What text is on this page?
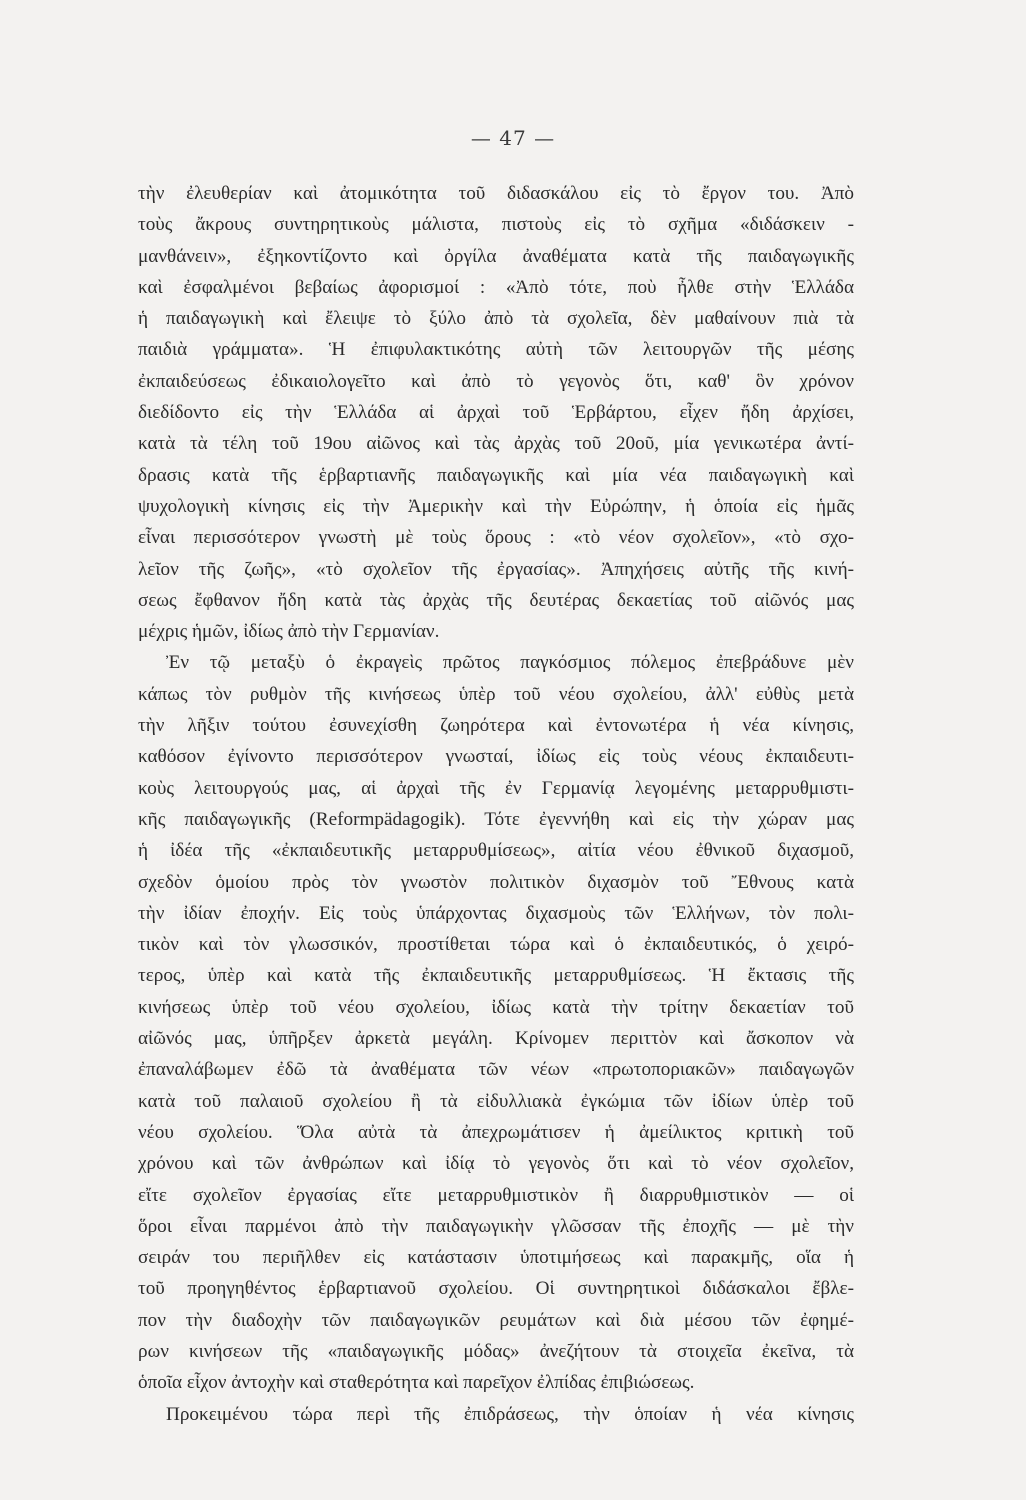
— 47 —
τὴν ἐλευθερίαν καὶ ἀτομικότητα τοῦ διδασκάλου εἰς τὸ ἔργον του. Ἀπὸ
τοὺς ἄκρους συντηρητικοὺς μάλιστα, πιστοὺς εἰς τὸ σχῆμα «διδάσκειν -
μανθάνειν», ἐξηκοντίζοντο καὶ ὀργίλα ἀναθέματα κατὰ τῆς παιδαγωγικῆς
καὶ ἐσφαλμένοι βεβαίως ἀφορισμοί : «Ἀπὸ τότε, ποὺ ἦλθε στὴν Ἑλλάδα
ἡ παιδαγωγικὴ καὶ ἔλειψε τὸ ξύλο ἀπὸ τὰ σχολεῖα, δὲν μαθαίνουν πιὰ τὰ
παιδιὰ γράμματα». Ἡ ἐπιφυλακτικότης αὐτὴ τῶν λειτουργῶν τῆς μέσης
ἐκπαιδεύσεως ἐδικαιολογεῖτο καὶ ἀπὸ τὸ γεγονὸς ὅτι, καθ' ὃν χρόνον
διεδίδοντο εἰς τὴν Ἑλλάδα αἱ ἀρχαὶ τοῦ Ἑρβάρτου, εἶχεν ἤδη ἀρχίσει,
κατὰ τὰ τέλη τοῦ 19ου αἰῶνος καὶ τὰς ἀρχὰς τοῦ 20οῦ, μία γενικωτέρα ἀντί-
δρασις κατὰ τῆς ἑρβαρτιανῆς παιδαγωγικῆς καὶ μία νέα παιδαγωγικὴ καὶ
ψυχολογικὴ κίνησις εἰς τὴν Ἀμερικὴν καὶ τὴν Εὐρώπην, ἡ ὁποία εἰς ἡμᾶς
εἶναι περισσότερον γνωστὴ μὲ τοὺς ὅρους : «τὸ νέον σχολεῖον», «τὸ σχο-
λεῖον τῆς ζωῆς», «τὸ σχολεῖον τῆς ἐργασίας». Ἀπηχήσεις αὐτῆς τῆς κινή-
σεως ἔφθανον ἤδη κατὰ τὰς ἀρχὰς τῆς δευτέρας δεκαετίας τοῦ αἰῶνός μας
μέχρις ἡμῶν, ἰδίως ἀπὸ τὴν Γερμανίαν.
Ἐν τῷ μεταξὺ ὁ ἐκραγεὶς πρῶτος παγκόσμιος πόλεμος ἐπεβράδυνε μὲν
κάπως τὸν ρυθμὸν τῆς κινήσεως ὑπὲρ τοῦ νέου σχολείου, ἀλλ' εὐθὺς μετὰ
τὴν λῆξιν τούτου ἐσυνεχίσθη ζωηρότερα καὶ ἐντονωτέρα ἡ νέα κίνησις,
καθόσον ἐγίνοντο περισσότερον γνωσταί, ἰδίως εἰς τοὺς νέους ἐκπαιδευτι-
κοὺς λειτουργούς μας, αἱ ἀρχαὶ τῆς ἐν Γερμανίᾳ λεγομένης μεταρρυθμιστι-
κῆς παιδαγωγικῆς (Reformpädagogik). Τότε ἐγεννήθη καὶ εἰς τὴν χώραν μας
ἡ ἰδέα τῆς «ἐκπαιδευτικῆς μεταρρυθμίσεως», αἰτία νέου ἐθνικοῦ διχασμοῦ,
σχεδὸν ὁμοίου πρὸς τὸν γνωστὸν πολιτικὸν διχασμὸν τοῦ Ἔθνους κατὰ
τὴν ἰδίαν ἐποχήν. Εἰς τοὺς ὑπάρχοντας διχασμοὺς τῶν Ἑλλήνων, τὸν πολι-
τικὸν καὶ τὸν γλωσσικόν, προστίθεται τώρα καὶ ὁ ἐκπαιδευτικός, ὁ χειρό-
τερος, ὑπὲρ καὶ κατὰ τῆς ἐκπαιδευτικῆς μεταρρυθμίσεως. Ἡ ἔκτασις τῆς
κινήσεως ὑπὲρ τοῦ νέου σχολείου, ἰδίως κατὰ τὴν τρίτην δεκαετίαν τοῦ
αἰῶνός μας, ὑπῆρξεν ἀρκετὰ μεγάλη. Κρίνομεν περιττὸν καὶ ἄσκοπον νὰ
ἐπαναλάβωμεν ἐδῶ τὰ ἀναθέματα τῶν νέων «πρωτοποριακῶν» παιδαγωγῶν
κατὰ τοῦ παλαιοῦ σχολείου ἢ τὰ εἰδυλλιακὰ ἐγκώμια τῶν ἰδίων ὑπὲρ τοῦ
νέου σχολείου. Ὅλα αὐτὰ τὰ ἀπεχρωμάτισεν ἡ ἀμείλικτος κριτικὴ τοῦ
χρόνου καὶ τῶν ἀνθρώπων καὶ ἰδίᾳ τὸ γεγονὸς ὅτι καὶ τὸ νέον σχολεῖον,
εἴτε σχολεῖον ἐργασίας εἴτε μεταρρυθμιστικὸν ἢ διαρρυθμιστικὸν — οἱ
ὅροι εἶναι παρμένοι ἀπὸ τὴν παιδαγωγικὴν γλῶσσαν τῆς ἐποχῆς — μὲ τὴν
σειράν του περιῆλθεν εἰς κατάστασιν ὑποτιμήσεως καὶ παρακμῆς, οἵα ἡ
τοῦ προηγηθέντος ἑρβαρτιανοῦ σχολείου. Οἱ συντηρητικοὶ διδάσκαλοι ἔβλε-
πον τὴν διαδοχὴν τῶν παιδαγωγικῶν ρευμάτων καὶ διὰ μέσου τῶν ἐφημέ-
ρων κινήσεων τῆς «παιδαγωγικῆς μόδας» ἀνεζήτουν τὰ στοιχεῖα ἐκεῖνα, τὰ
ὁποῖα εἶχον ἀντοχὴν καὶ σταθερότητα καὶ παρεῖχον ἐλπίδας ἐπιβιώσεως.
Προκειμένου τώρα περὶ τῆς ἐπιδράσεως, τὴν ὁποίαν ἡ νέα κίνησις
